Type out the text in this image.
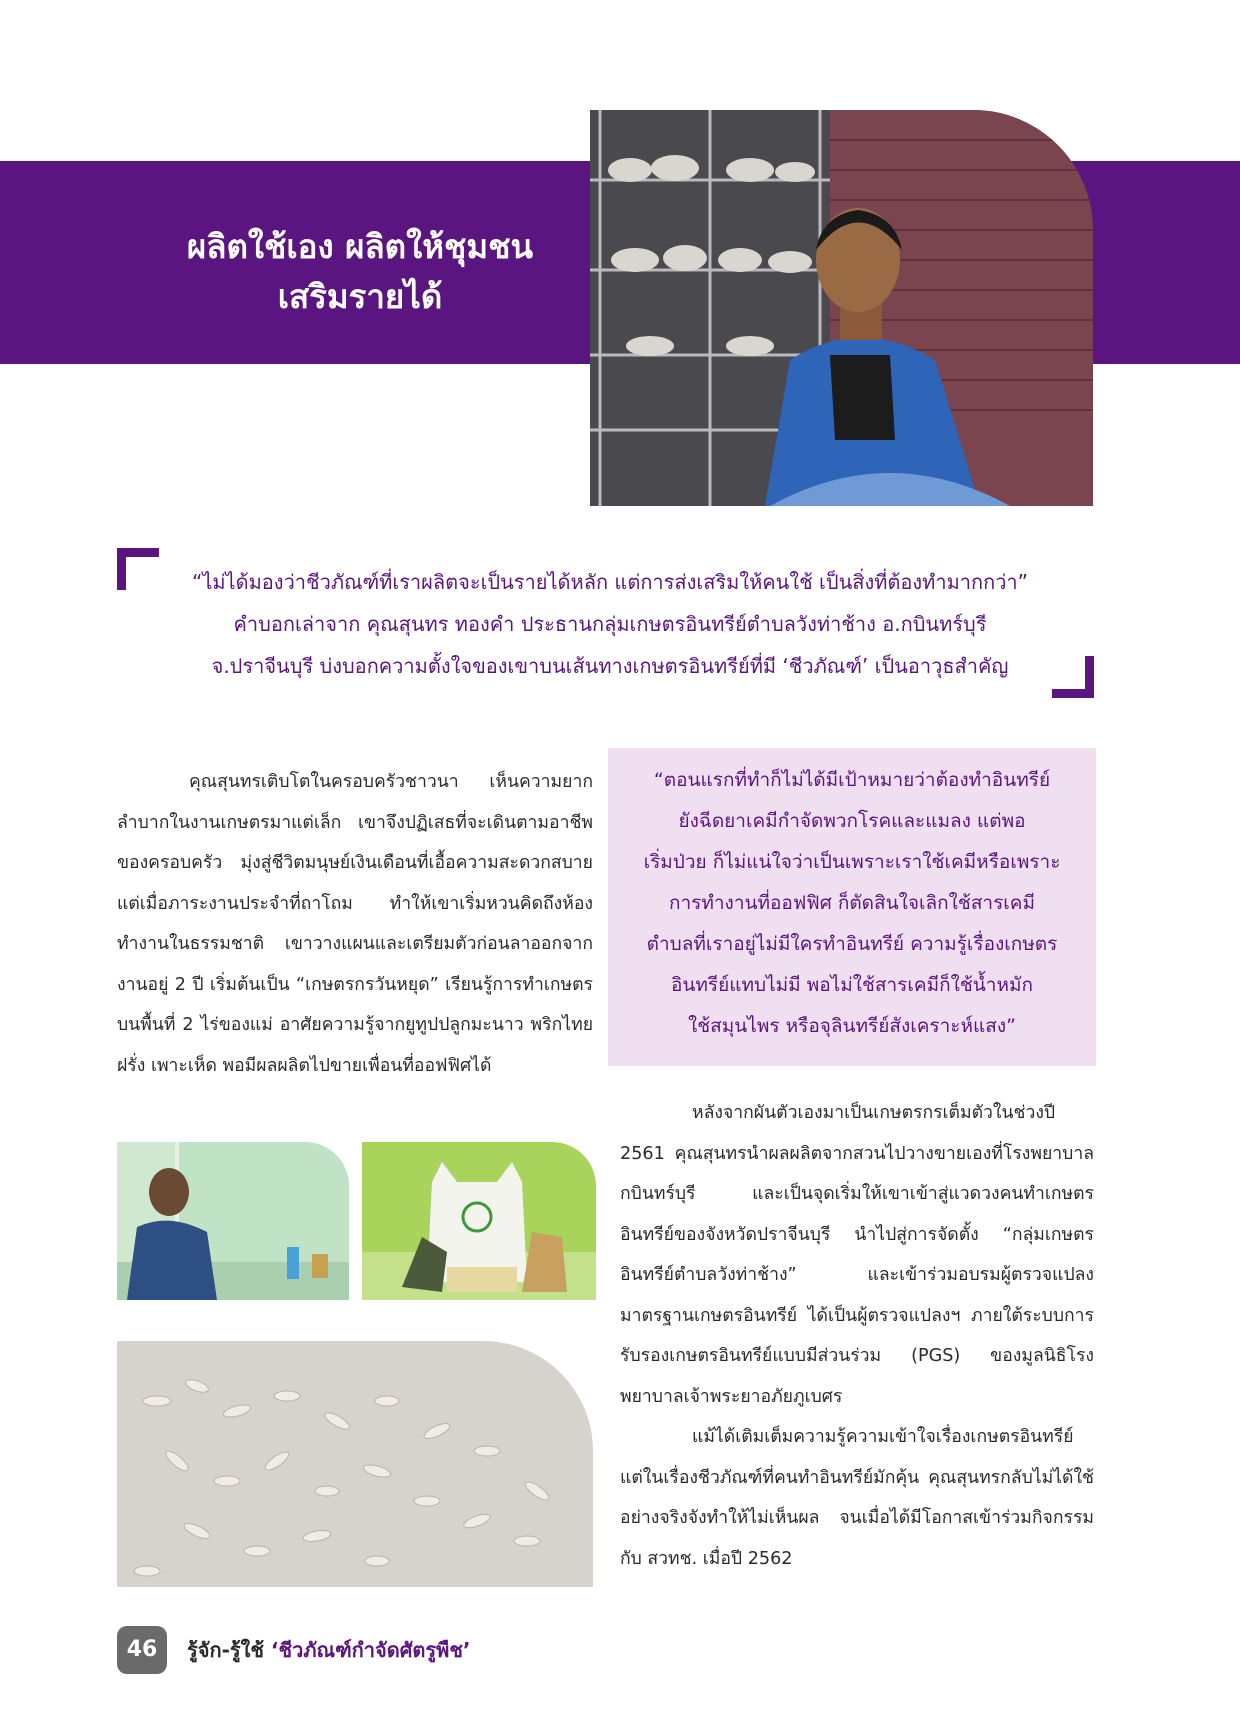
ผลิตใช้เอง ผลิตให้ชุมชน
เสริมรายได้
“ไม่ได้มองว่าชีวภัณฑ์ที่เราผลิตจะเป็นรายได้หลัก แต่การส่งเสริมให้คนใช้ เป็นสิ่งที่ต้องทำมากกว่า”
คำบอกเล่าจาก คุณสุนทร ทองคำ ประธานกลุ่มเกษตรอินทรีย์ตำบลวังท่าช้าง อ.กบินทร์บุรี
จ.ปราจีนบุรี บ่งบอกความตั้งใจของเขาบนเส้นทางเกษตรอินทรีย์ที่มี ‘ชีวภัณฑ์’ เป็นอาวุธสำคัญ

คุณสุนทรเติบโตในครอบครัวชาวนา เห็นความยากลำบากในงานเกษตรมาแต่เล็ก เขาจึงปฏิเสธที่จะเดินตามอาชีพของครอบครัว มุ่งสู่ชีวิตมนุษย์เงินเดือนที่เอื้อความสะดวกสบาย แต่เมื่อภาระงานประจำที่ถาโถม ทำให้เขาเริ่มหวนคิดถึงห้องทำงานในธรรมชาติ เขาวางแผนและเตรียมตัวก่อนลาออกจากงานอยู่ 2 ปี เริ่มต้นเป็น “เกษตรกรวันหยุด” เรียนรู้การทำเกษตรบนพื้นที่ 2 ไร่ของแม่ อาศัยความรู้จากยูทูปปลูกมะนาว พริกไทย ฝรั่ง เพาะเห็ด พอมีผลผลิตไปขายเพื่อนที่ออฟฟิศได้

“ตอนแรกที่ทำก็ไม่ได้มีเป้าหมายว่าต้องทำอินทรีย์
ยังฉีดยาเคมีกำจัดพวกโรคและแมลง แต่พอ
เริ่มป่วย ก็ไม่แน่ใจว่าเป็นเพราะเราใช้เคมีหรือเพราะ
การทำงานที่ออฟฟิศ ก็ตัดสินใจเลิกใช้สารเคมี
ตำบลที่เราอยู่ไม่มีใครทำอินทรีย์ ความรู้เรื่องเกษตร
อินทรีย์แทบไม่มี พอไม่ใช้สารเคมีก็ใช้น้ำหมัก
ใช้สมุนไพร หรือจุลินทรีย์สังเคราะห์แสง”

หลังจากผันตัวเองมาเป็นเกษตรกรเต็มตัวในช่วงปี 2561 คุณสุนทรนำผลผลิตจากสวนไปวางขายเองที่โรงพยาบาลกบินทร์บุรี และเป็นจุดเริ่มให้เขาเข้าสู่แวดวงคนทำเกษตรอินทรีย์ของจังหวัดปราจีนบุรี นำไปสู่การจัดตั้ง “กลุ่มเกษตรอินทรีย์ตำบลวังท่าช้าง” และเข้าร่วมอบรมผู้ตรวจแปลงมาตรฐานเกษตรอินทรีย์ ได้เป็นผู้ตรวจแปลงฯ ภายใต้ระบบการรับรองเกษตรอินทรีย์แบบมีส่วนร่วม (PGS) ของมูลนิธิโรงพยาบาลเจ้าพระยาอภัยภูเบศร

แม้ได้เติมเต็มความรู้ความเข้าใจเรื่องเกษตรอินทรีย์ แต่ในเรื่องชีวภัณฑ์ที่คนทำอินทรีย์มักคุ้น คุณสุนทรกลับไม่ได้ใช้อย่างจริงจังทำให้ไม่เห็นผล จนเมื่อได้มีโอกาสเข้าร่วมกิจกรรมกับ สวทช. เมื่อปี 2562

46	รู้จัก-รู้ใช้ ‘ชีวภัณฑ์กำจัดศัตรูพืช’
